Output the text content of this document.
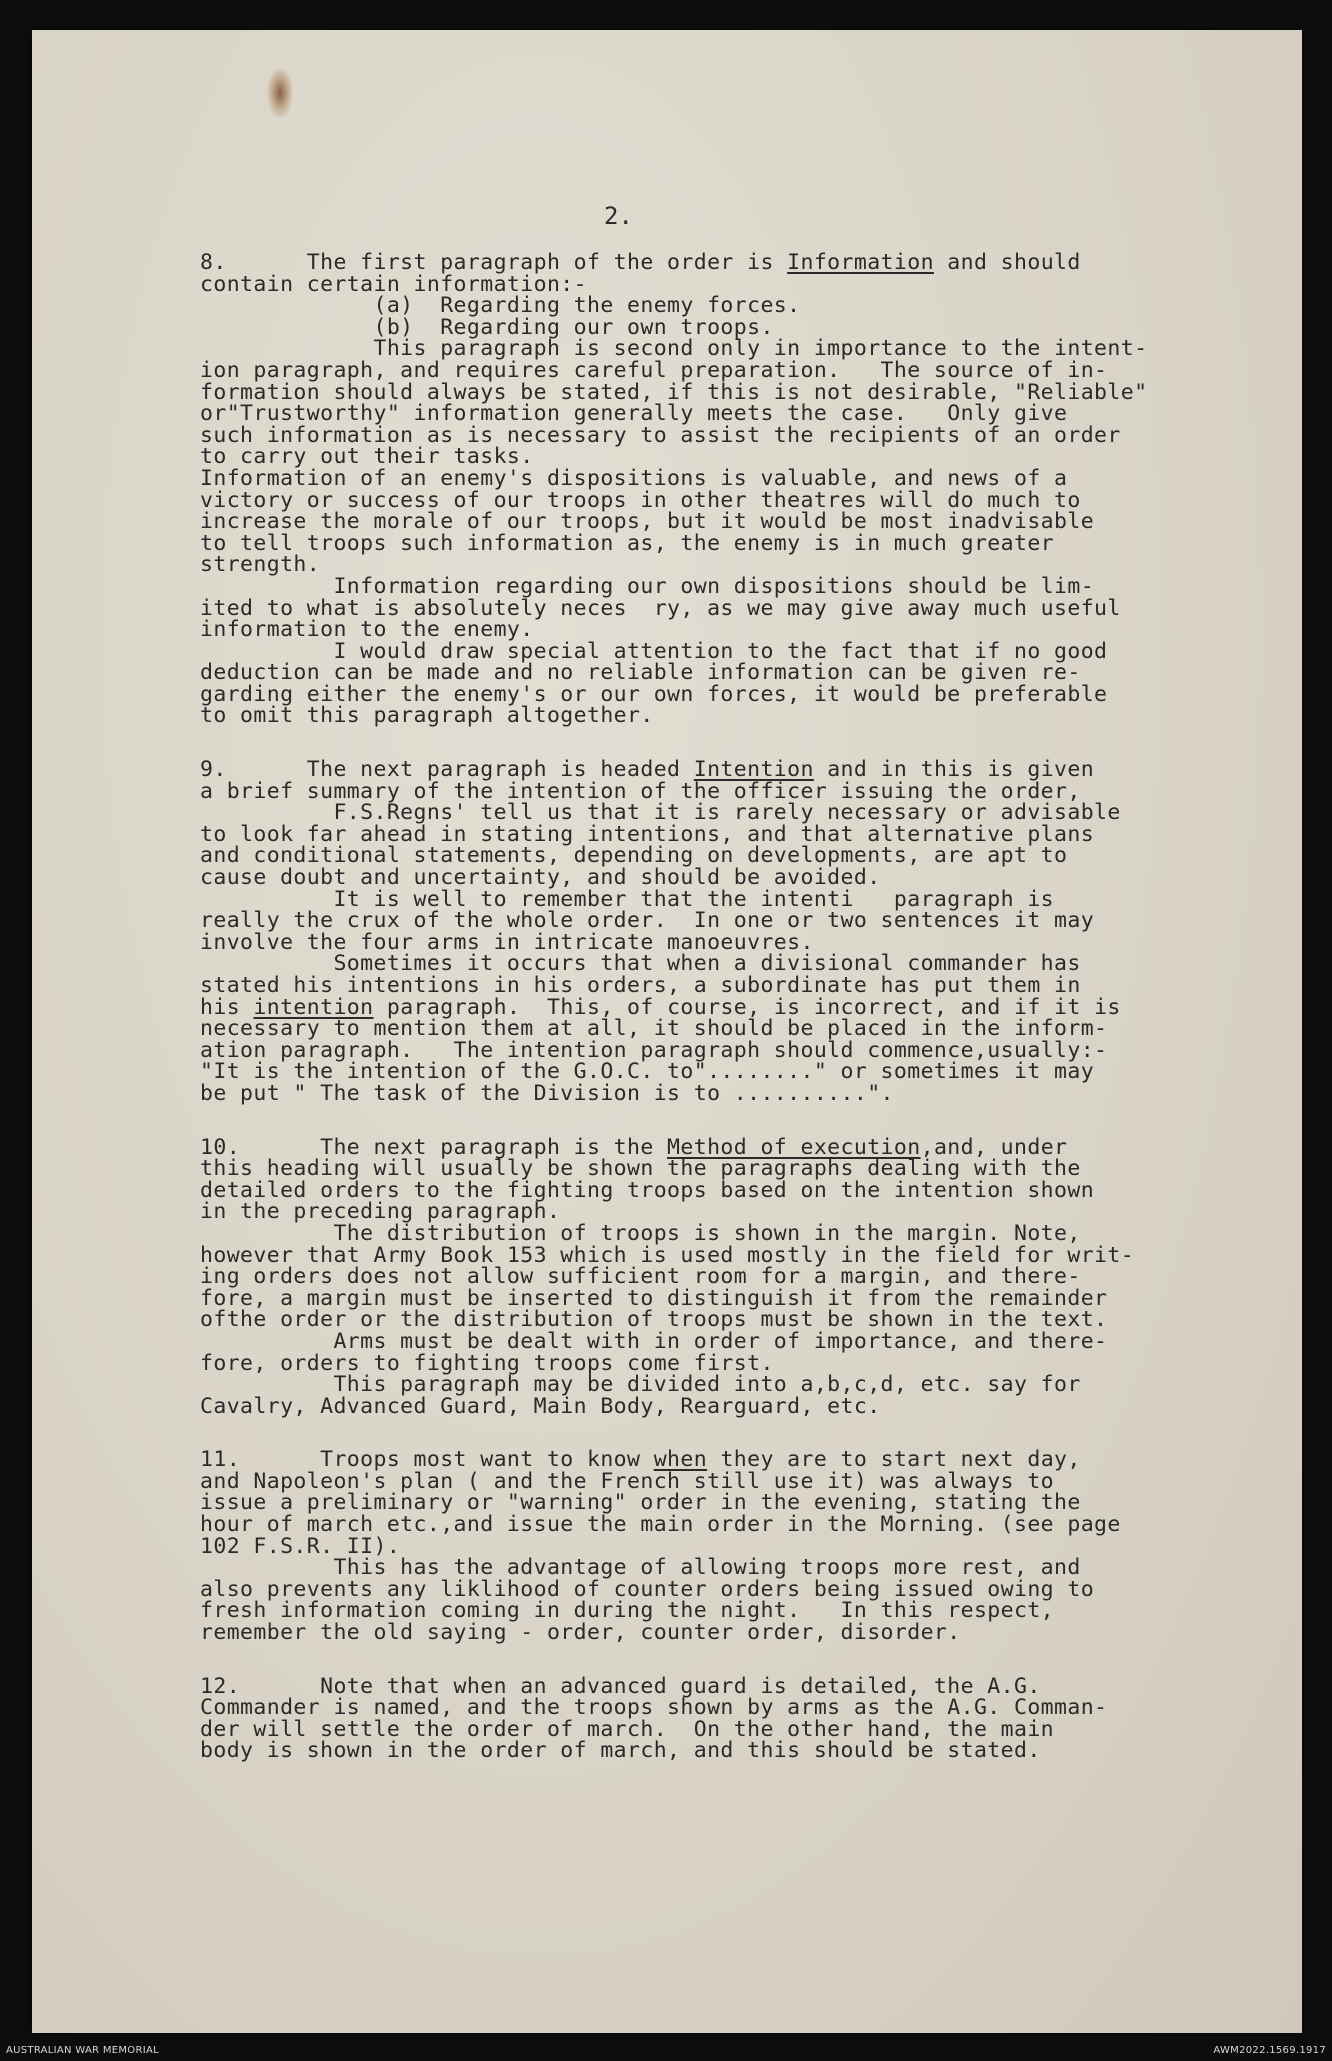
2.
8.      The first paragraph of the order is Information and should
contain certain information:-
(a)  Regarding the enemy forces.
(b)  Regarding our own troops.
This paragraph is second only in importance to the intent-
ion paragraph, and requires careful preparation.   The source of in-
formation should always be stated, if this is not desirable, "Reliable"
or"Trustworthy" information generally meets the case.   Only give
such information as is necessary to assist the recipients of an order
to carry out their tasks.
Information of an enemy's dispositions is valuable, and news of a
victory or success of our troops in other theatres will do much to
increase the morale of our troops, but it would be most inadvisable
to tell troops such information as, the enemy is in much greater
strength.
Information regarding our own dispositions should be lim-
ited to what is absolutely neces  ry, as we may give away much useful
information to the enemy.
I would draw special attention to the fact that if no good
deduction can be made and no reliable information can be given re-
garding either the enemy's or our own forces, it would be preferable
to omit this paragraph altogether.
9.      The next paragraph is headed Intention and in this is given
a brief summary of the intention of the officer issuing the order,
F.S.Regns' tell us that it is rarely necessary or advisable
to look far ahead in stating intentions, and that alternative plans
and conditional statements, depending on developments, are apt to
cause doubt and uncertainty, and should be avoided.
It is well to remember that the intenti   paragraph is
really the crux of the whole order.  In one or two sentences it may
involve the four arms in intricate manoeuvres.
Sometimes it occurs that when a divisional commander has
stated his intentions in his orders, a subordinate has put them in
his intention paragraph.  This, of course, is incorrect, and if it is
necessary to mention them at all, it should be placed in the inform-
ation paragraph.   The intention paragraph should commence,usually:-
"It is the intention of the G.O.C. to"........" or sometimes it may
be put " The task of the Division is to ..........".
10.      The next paragraph is the Method of execution,and, under
this heading will usually be shown the paragraphs dealing with the
detailed orders to the fighting troops based on the intention shown
in the preceding paragraph.
The distribution of troops is shown in the margin. Note,
however that Army Book 153 which is used mostly in the field for writ-
ing orders does not allow sufficient room for a margin, and there-
fore, a margin must be inserted to distinguish it from the remainder
ofthe order or the distribution of troops must be shown in the text.
Arms must be dealt with in order of importance, and there-
fore, orders to fighting troops come first.
This paragraph may be divided into a,b,c,d, etc. say for
Cavalry, Advanced Guard, Main Body, Rearguard, etc.
11.      Troops most want to know when they are to start next day,
and Napoleon's plan ( and the French still use it) was always to
issue a preliminary or "warning" order in the evening, stating the
hour of march etc.,and issue the main order in the Morning. (see page
102 F.S.R. II).
This has the advantage of allowing troops more rest, and
also prevents any liklihood of counter orders being issued owing to
fresh information coming in during the night.   In this respect,
remember the old saying - order, counter order, disorder.
12.      Note that when an advanced guard is detailed, the A.G.
Commander is named, and the troops shown by arms as the A.G. Comman-
der will settle the order of march.  On the other hand, the main
body is shown in the order of march, and this should be stated.
AUSTRALIAN WAR MEMORIAL	AWM2022.1569.1917
